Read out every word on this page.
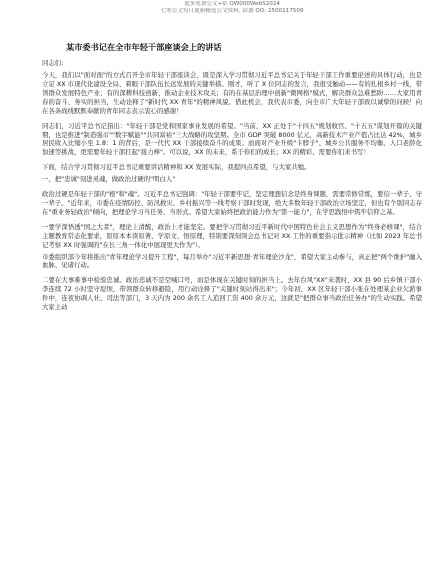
更多免费公文+V: QW000WebS2024
七零公文每日更新精选公文资料, 请加 QQ: 2500117509
某市委书记在全市年轻干部座谈会上的讲话

同志们:

今天，我们以"面对面"的方式召开全市年轻干部座谈会，既是深入学习贯彻习近平总书记关于年轻干部工作重要论述的具体行动，也是立足 XX 市现代化建设全局、着眼干部队伍长远发展的关键举措。刚才，听了 X 位同志的发言，我很受触动——有的扎根乡村一线，带领群众发展特色产业；有的深耕科技创新，推动企业技术攻关；有的在基层治理中创新"微网格"模式，解决群众急难愁盼……大家用青春的奋斗、务实的担当，生动诠释了"新时代 XX 青年"的精神风貌。借此机会，我代表市委，向全市广大年轻干部致以诚挚的问候！向在各条战线默默奉献的青年同志表示衷心的感谢！

同志们，习近平总书记指出："年轻干部是党和国家事业发展的希望。"当前，XX 正处于"十四五"规划收官、"十五五"谋划开篇的关键期，也是推进"制造强市""数字赋能""共同富裕"三大战略的攻坚期。全市 GDP 突破 8000 亿元，高新技术产业产值占比达 42%，城乡居民收入比缩小至 1.8：1 的背后，是一代代 XX 干部接续奋斗的成果；而面对产业升级"卡脖子"、城乡公共服务不均衡、人口老龄化加速等挑战，更需要年轻干部扛起"接力棒"。可以说，XX 的未来，系于你们的成长；XX 的精彩，需要你们来书写！

下面，结合学习贯彻习近平总书记重要讲话精神和 XX 发展实际，我提四点希望，与大家共勉。

一、把"忠诚"刻进灵魂，做政治过硬的"明白人"

政治过硬是年轻干部的"根"和"魂"。习近平总书记强调："年轻干部要牢记，坚定理想信念是终身课题，需要常修常炼，要信一辈子、守一辈子。"近年来，市委在疫情防控、防汛救灾、乡村振兴等一线考察干部时发现，绝大多数年轻干部政治立场坚定，但也有个别同志存在"重业务轻政治"倾向，把理论学习当任务、当形式。希望大家始终把政治能力作为"第一能力"，在学思践悟中筑牢信仰之基。

一要学深悟透"国之大者"，理论上清醒，政治上才能坚定。要把学习贯彻习近平新时代中国特色社会主义思想作为"终身必修课"，结合主题教育常态化要求，原原本本读原著、学原文、悟原理，特别要深刻领会总书记对 XX 工作的重要指示批示精神（比如 2023 年总书记考察 XX 时强调的"在长三角一体化中展现更大作为"）。

市委组织部今年将推出"青年理论学习提升工程"，每月举办"习近平新思想·青年理论沙龙"，希望大家主动参与，真正把"两个维护"融入血脉、见诸行动。

二要在大事难事中检验忠诚。政治忠诚不是空喊口号，而是体现在关键时刻的担当上。去年台风"XX"来袭时，XX 县 90 后乡镇干部小李连续 72 小时坚守堤坝，带领群众转移避险，用行动诠释了"关键时刻站得出来"；今年初，XX 区年轻干部小张在处理某企业欠薪事件中，连夜协调人社、司法等部门，3 天内为 200 余名工人追回工资 400 余万元，这就是"把群众事当政治任务办"的生动实践。希望大家主动
